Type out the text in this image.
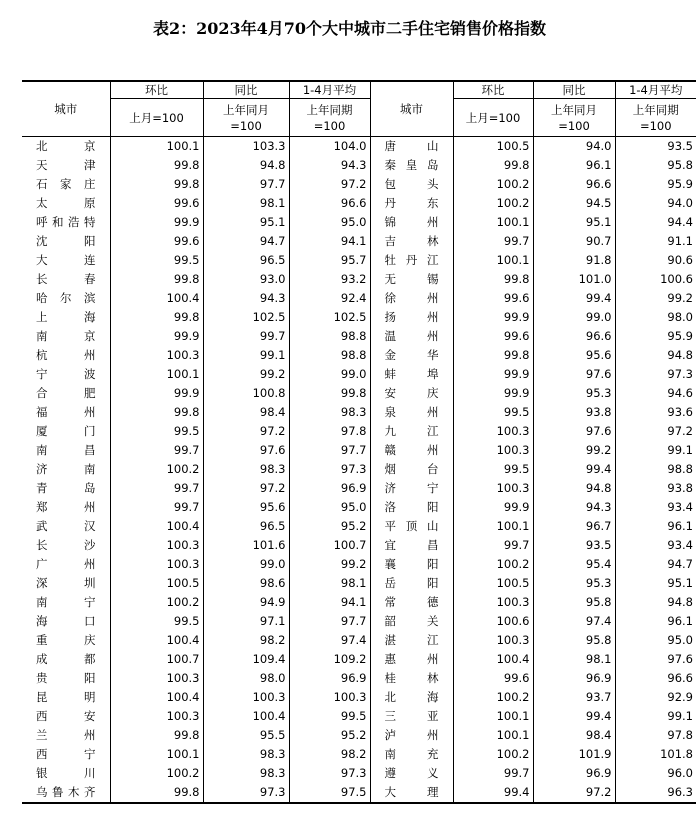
表2：2023年4月70个大中城市二手住宅销售价格指数
城市	环比	同比	1-4月平均	城市	环比	同比	1-4月平均
	上月=100	上年同月=100	上年同期=100		上月=100	上年同月=100	上年同期=100
北 京	100.1	103.3	104.0	唐 山	100.5	94.0	93.5
天 津	99.8	94.8	94.3	秦皇岛	99.8	96.1	95.8
石家庄	99.8	97.7	97.2	包 头	100.2	96.6	95.9
太 原	99.6	98.1	96.6	丹 东	100.2	94.5	94.0
呼和浩特	99.9	95.1	95.0	锦 州	100.1	95.1	94.4
沈 阳	99.6	94.7	94.1	吉 林	99.7	90.7	91.1
大 连	99.5	96.5	95.7	牡丹江	100.1	91.8	90.6
长 春	99.8	93.0	93.2	无 锡	99.8	101.0	100.6
哈尔滨	100.4	94.3	92.4	徐 州	99.6	99.4	99.2
上 海	99.8	102.5	102.5	扬 州	99.9	99.0	98.0
南 京	99.9	99.7	98.8	温 州	99.6	96.6	95.9
杭 州	100.3	99.1	98.8	金 华	99.8	95.6	94.8
宁 波	100.1	99.2	99.0	蚌 埠	99.9	97.6	97.3
合 肥	99.9	100.8	99.8	安 庆	99.9	95.3	94.6
福 州	99.8	98.4	98.3	泉 州	99.5	93.8	93.6
厦 门	99.5	97.2	97.8	九 江	100.3	97.6	97.2
南 昌	99.7	97.6	97.7	赣 州	100.3	99.2	99.1
济 南	100.2	98.3	97.3	烟 台	99.5	99.4	98.8
青 岛	99.7	97.2	96.9	济 宁	100.3	94.8	93.8
郑 州	99.7	95.6	95.0	洛 阳	99.9	94.3	93.4
武 汉	100.4	96.5	95.2	平顶山	100.1	96.7	96.1
长 沙	100.3	101.6	100.7	宜 昌	99.7	93.5	93.4
广 州	100.3	99.0	99.2	襄 阳	100.2	95.4	94.7
深 圳	100.5	98.6	98.1	岳 阳	100.5	95.3	95.1
南 宁	100.2	94.9	94.1	常 德	100.3	95.8	94.8
海 口	99.5	97.1	97.7	韶 关	100.6	97.4	96.1
重 庆	100.4	98.2	97.4	湛 江	100.3	95.8	95.0
成 都	100.7	109.4	109.2	惠 州	100.4	98.1	97.6
贵 阳	100.3	98.0	96.9	桂 林	99.6	96.9	96.6
昆 明	100.4	100.3	100.3	北 海	100.2	93.7	92.9
西 安	100.3	100.4	99.5	三 亚	100.1	99.4	99.1
兰 州	99.8	95.5	95.2	泸 州	100.1	98.4	97.8
西 宁	100.1	98.3	98.2	南 充	100.2	101.9	101.8
银 川	100.2	98.3	97.3	遵 义	99.7	96.9	96.0
乌鲁木齐	99.8	97.3	97.5	大 理	99.4	97.2	96.3
